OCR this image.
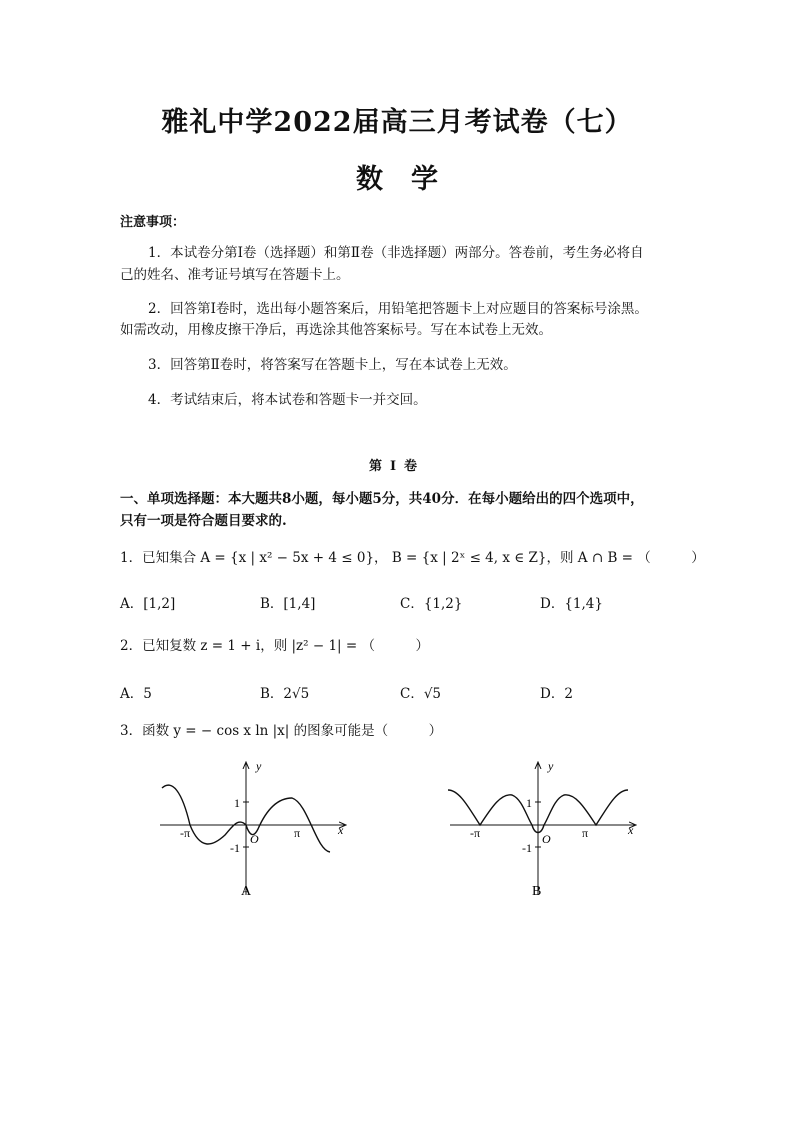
雅礼中学2022届高三月考试卷（七）
数学
注意事项：
1．本试卷分第Ⅰ卷（选择题）和第Ⅱ卷（非选择题）两部分。答卷前，考生务必将自
己的姓名、准考证号填写在答题卡上。
2．回答第Ⅰ卷时，选出每小题答案后，用铅笔把答题卡上对应题目的答案标号涂黑。
如需改动，用橡皮擦干净后，再选涂其他答案标号。写在本试卷上无效。
3．回答第Ⅱ卷时，将答案写在答题卡上，写在本试卷上无效。
4．考试结束后，将本试卷和答题卡一并交回。
第Ⅰ卷
一、单项选择题：本大题共8小题，每小题5分，共40分．在每小题给出的四个选项中，
只有一项是符合题目要求的.
1．已知集合 A = {x | x² − 5x + 4 ≤ 0}， B = {x | 2ˣ ≤ 4, x ∈ Z}，则 A ∩ B = （　　　）
A．[1,2]	B．[1,4]	C．{1,2}	D．{1,4}
2．已知复数 z = 1 + i，则 |z² − 1| = （　　　）
A．5	B．2√5	C．√5	D．2
3．函数 y = − cos x ln |x| 的图象可能是（　　　）
y
x
1
-1
O
-π	π
A
y
x
1
-1
O
-π	π
B
